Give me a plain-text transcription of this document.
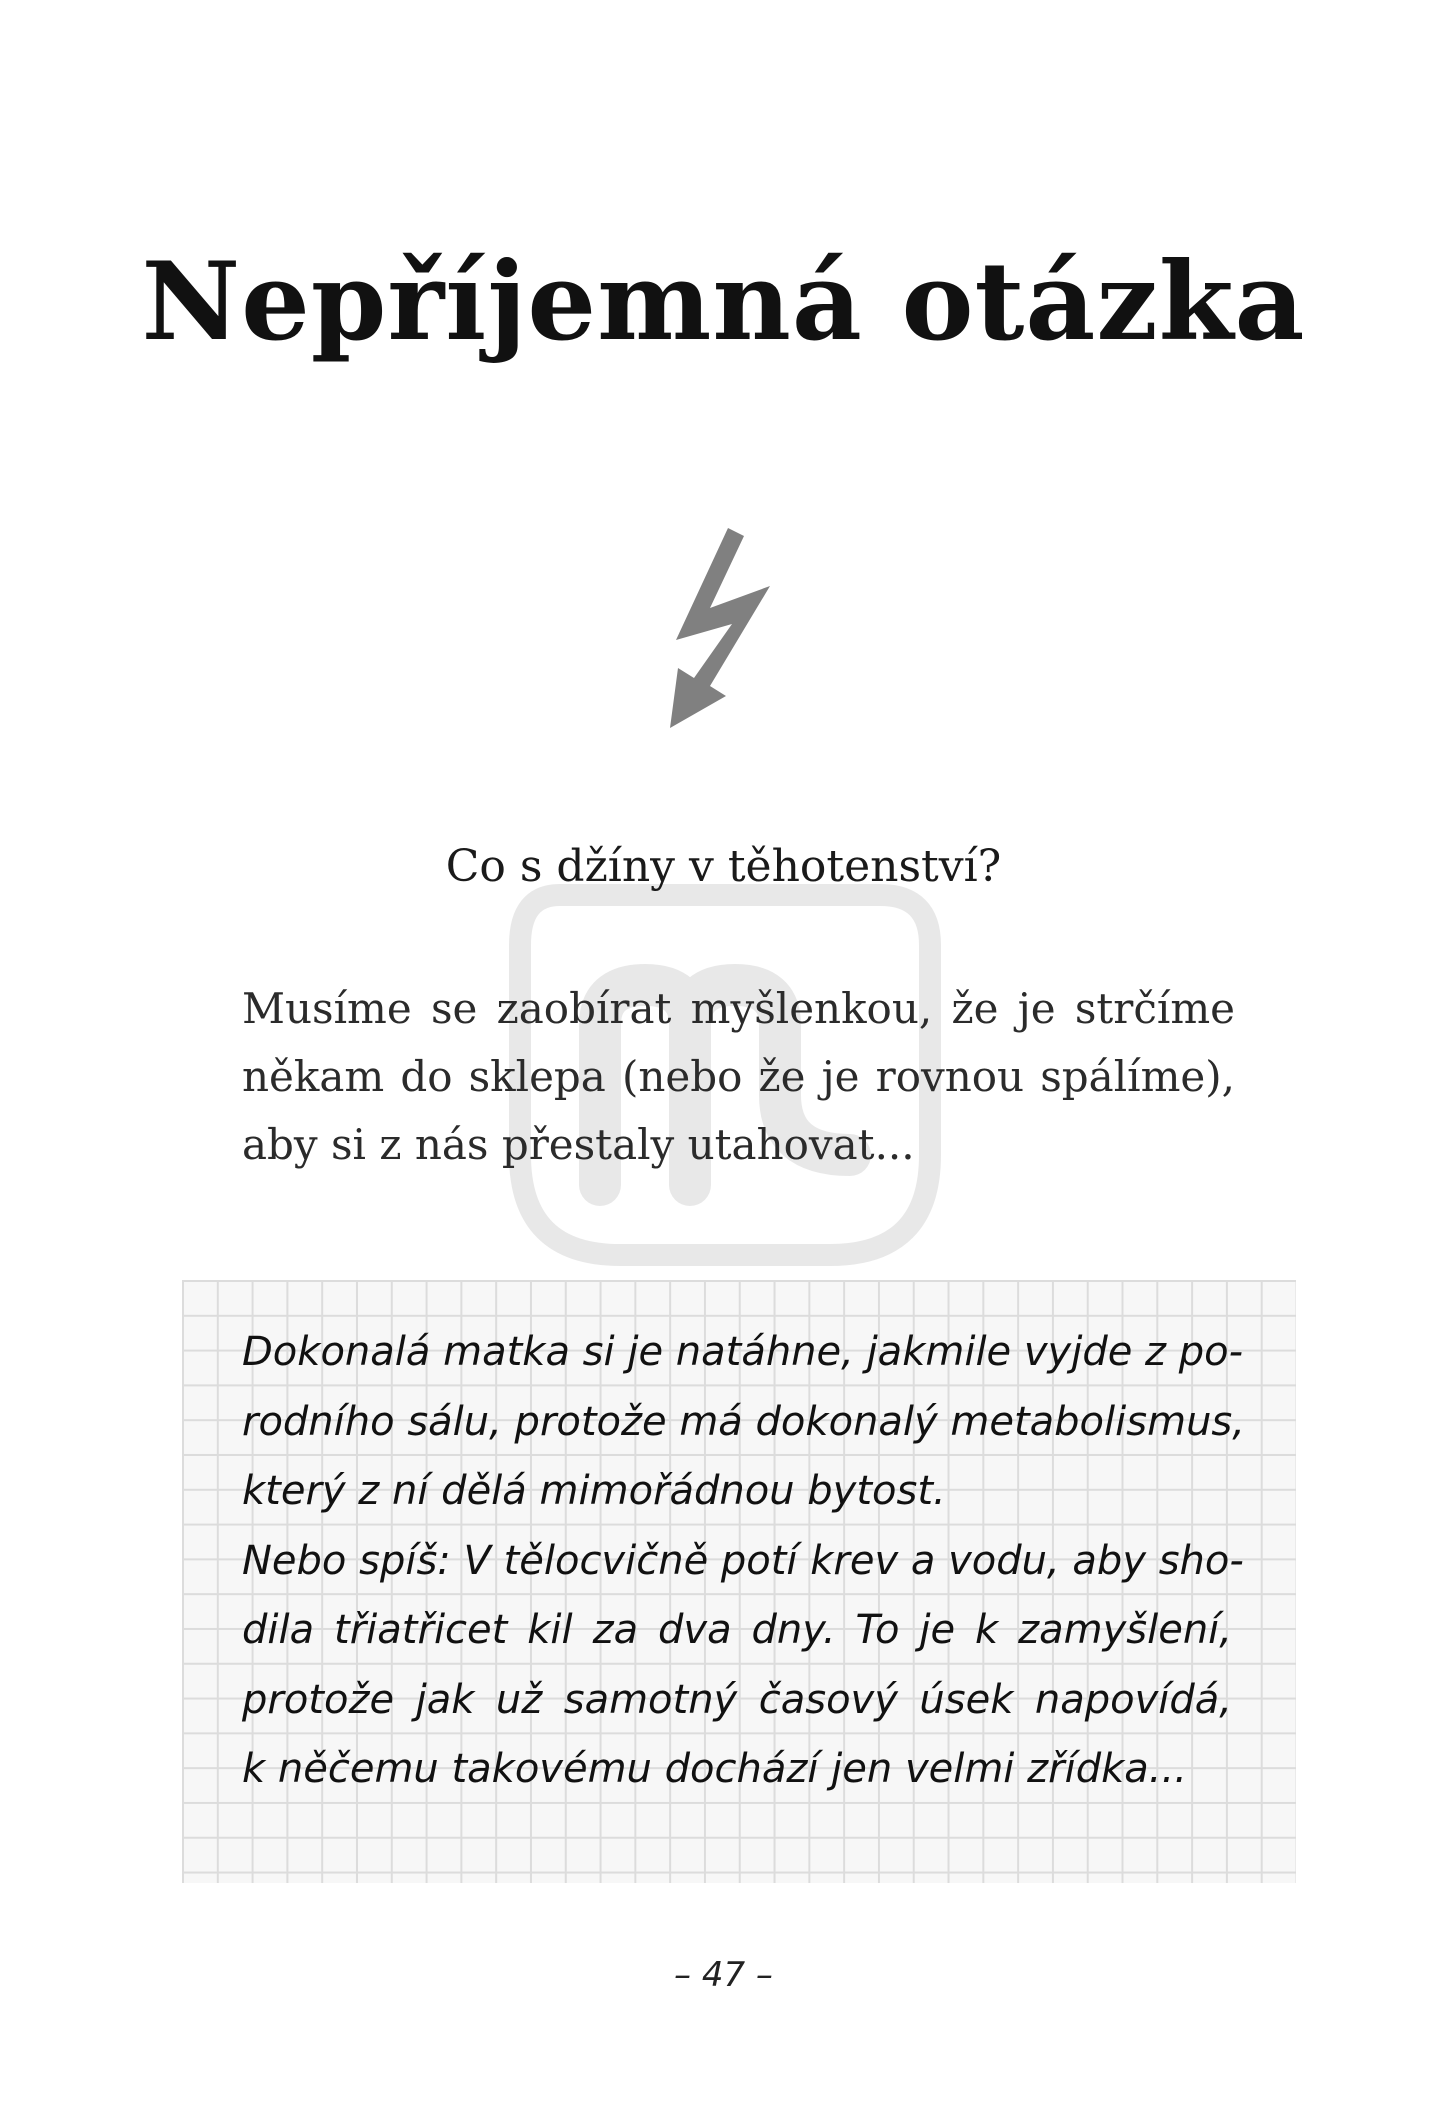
Nepříjemná otázka
Co s džíny v těhotenství?
Musíme se zaobírat myšlenkou, že je strčíme
někam do sklepa (nebo že je rovnou spálíme),
aby si z nás přestaly utahovat...
Dokonalá matka si je natáhne, jakmile vyjde z po-
rodního sálu, protože má dokonalý metabolismus,
který z ní dělá mimořádnou bytost.
Nebo spíš: V tělocvičně potí krev a vodu, aby sho-
dila třiatřicet kil za dva dny. To je k zamyšlení,
protože jak už samotný časový úsek napovídá,
k něčemu takovému dochází jen velmi zřídka...
– 47 –
